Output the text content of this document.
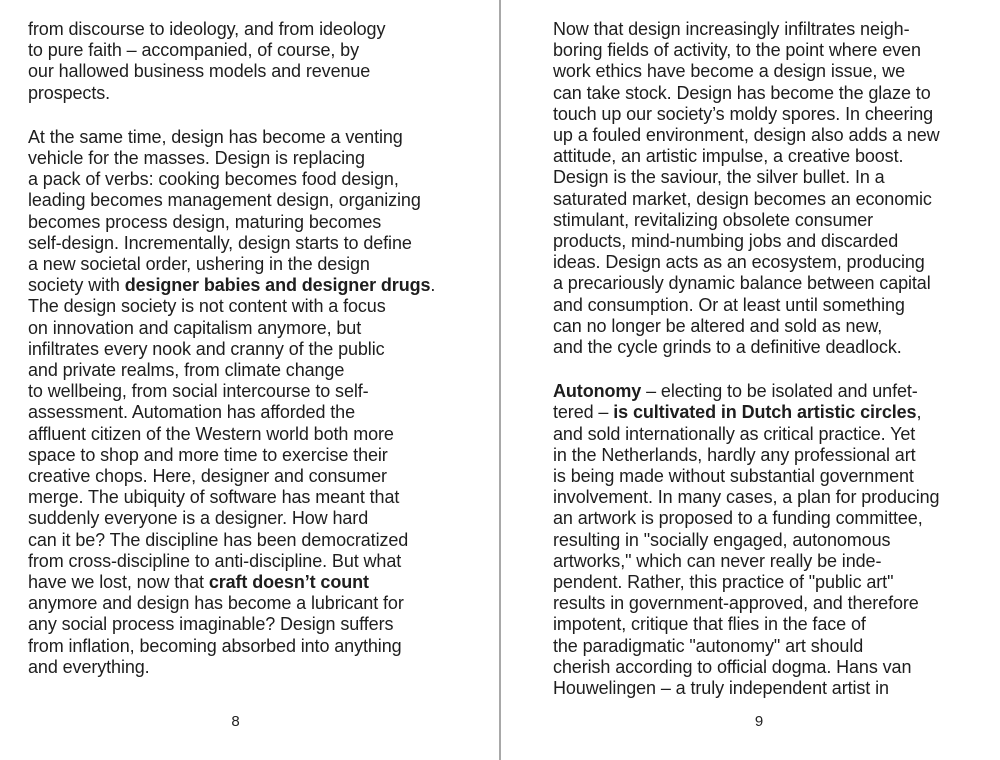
from discourse to ideology, and from ideology
to pure faith – accompanied, of course, by
our hallowed business models and revenue
prospects.
At the same time, design has become a venting
vehicle for the masses. Design is replacing
a pack of verbs: cooking becomes food design,
leading becomes management design, organizing
becomes process design, maturing becomes
self-design. Incrementally, design starts to define
a new societal order, ushering in the design
society with designer babies and designer drugs.
The design society is not content with a focus
on innovation and capitalism anymore, but
infiltrates every nook and cranny of the public
and private realms, from climate change
to wellbeing, from social intercourse to self-
assessment. Automation has afforded the
affluent citizen of the Western world both more
space to shop and more time to exercise their
creative chops. Here, designer and consumer
merge. The ubiquity of software has meant that
suddenly everyone is a designer. How hard
can it be? The discipline has been democratized
from cross-discipline to anti-discipline. But what
have we lost, now that craft doesn’t count
anymore and design has become a lubricant for
any social process imaginable? Design suffers
from inflation, becoming absorbed into anything
and everything.
Now that design increasingly infiltrates neigh-
boring fields of activity, to the point where even
work ethics have become a design issue, we
can take stock. Design has become the glaze to
touch up our society’s moldy spores. In cheering
up a fouled environment, design also adds a new
attitude, an artistic impulse, a creative boost.
Design is the saviour, the silver bullet. In a
saturated market, design becomes an economic
stimulant, revitalizing obsolete consumer
products, mind-numbing jobs and discarded
ideas. Design acts as an ecosystem, producing
a precariously dynamic balance between capital
and consumption. Or at least until something
can no longer be altered and sold as new,
and the cycle grinds to a definitive deadlock.
Autonomy – electing to be isolated and unfet-
tered – is cultivated in Dutch artistic circles,
and sold internationally as critical practice. Yet
in the Netherlands, hardly any professional art
is being made without substantial government
involvement. In many cases, a plan for producing
an artwork is proposed to a funding committee,
resulting in "socially engaged, autonomous
artworks," which can never really be inde-
pendent. Rather, this practice of "public art"
results in government-approved, and therefore
impotent, critique that flies in the face of
the paradigmatic "autonomy" art should
cherish according to official dogma. Hans van
Houwelingen – a truly independent artist in
8	9
